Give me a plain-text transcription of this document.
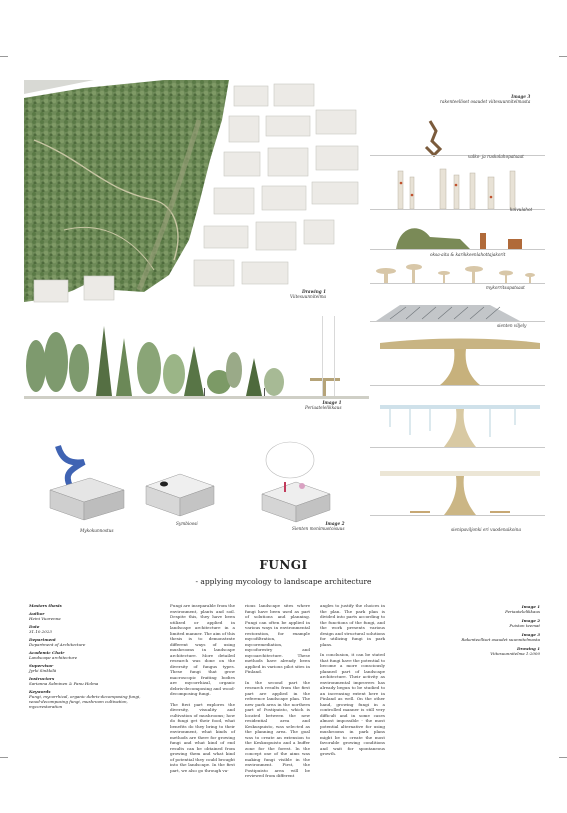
Drawing 1
Viitesuunnitelma
Image 3
rakenteelliset osaudet viitesuunnitelmasta
Image 1
Periaatelelikkaus
valko- ja ruskolahopatsaat
koivulahot
oksa-aita & karikkeenlahottajakorit
mykorritsapatsaat
sienten viljely
sienipaviljonki eri vuodenaikoina
Mykokunnostus
Symbioosi	Image 2
Sienten monimuotoisuus
FUNGI
- applying mycology to landscape architecture
Masters thesis
Author
Heini Vuorenna
Date
31.10.2023
Department
Department of Architecture
Academic Chair
Landscape architecture
Supervisor
Jyrki Sinkkilä
Instructors
Sarianna Salminen & Panu Holma
Keywords
Fungi, mycorrhizal, organic debris-decomposing fungi, wood-decomposing fungi, mushroom cultivation, mycorestoration

Fungi are inseparable from the environment, plants and soil. Despite this, they have been utilized or applied in landscape architecture in a limited manner. The aim of this thesis is to demonstrate different ways of using mushrooms in landscape architecture. More detailed research was done on the diversity of fungus types. These fungi that grow macroscopic fruiting bodies are mycorrhizal, organic debris-decomposing and wood-decomposing fungi.

The first part explores the diversity, visuality and cultivation of mushrooms; how do fungi get their food, what benefits do they bring to their environment, what kinds of methods are there for growing fungi and what kind of end results can be obtained from growing them and what kind of potential they could brought into the landscape. In the first part, we also go through va-

rious landscape sites where fungi have been used as part of solutions and planning. Fungi can often be applied in various ways in environmental restoration, for example mycofiltration, mycoremediation, mycoforestry and mycoarchitecture. These methods have already been applied in various pilot sites in Finland.

In the second part the research results from the first part are applied in the reference landscape plan. The new park area in the northern part of Postipuisto, which is located between the new residential area and Keskuspuisto, was selected as the planning area. The goal was to create an extension to the Keskuspuisto and a buffer zone for the forest. In the concept one of the aims was making fungi visible in the environment. First, the Postipuisto area will be reviewed from different

angles to justify the choices in the plan. The park plan is divided into parts according to the functions of the fungi, and the work presents various design and structural solutions for utilizing fungi in park plans.

In conclusion, it can be stated that fungi have the potential to become a more consciously planned part of landscape architecture. Their activity as environmental improvers has already begun to be studied to an increasing extent here in Finland as well. On the other hand, growing fungi in a controlled manner is still very difficult and in some cases almost impossible - the most potential alternative for using mushrooms in park plans might be to create the most favorable growing conditions and wait for spontaneous growth.

Image 1
Periaatelelikkaus
Image 2
Puiston teemat
Image 3
Rakenteelliset osaudet suunnitelmasta
Drawing 1
Viitesuunnitelma 1:2000
